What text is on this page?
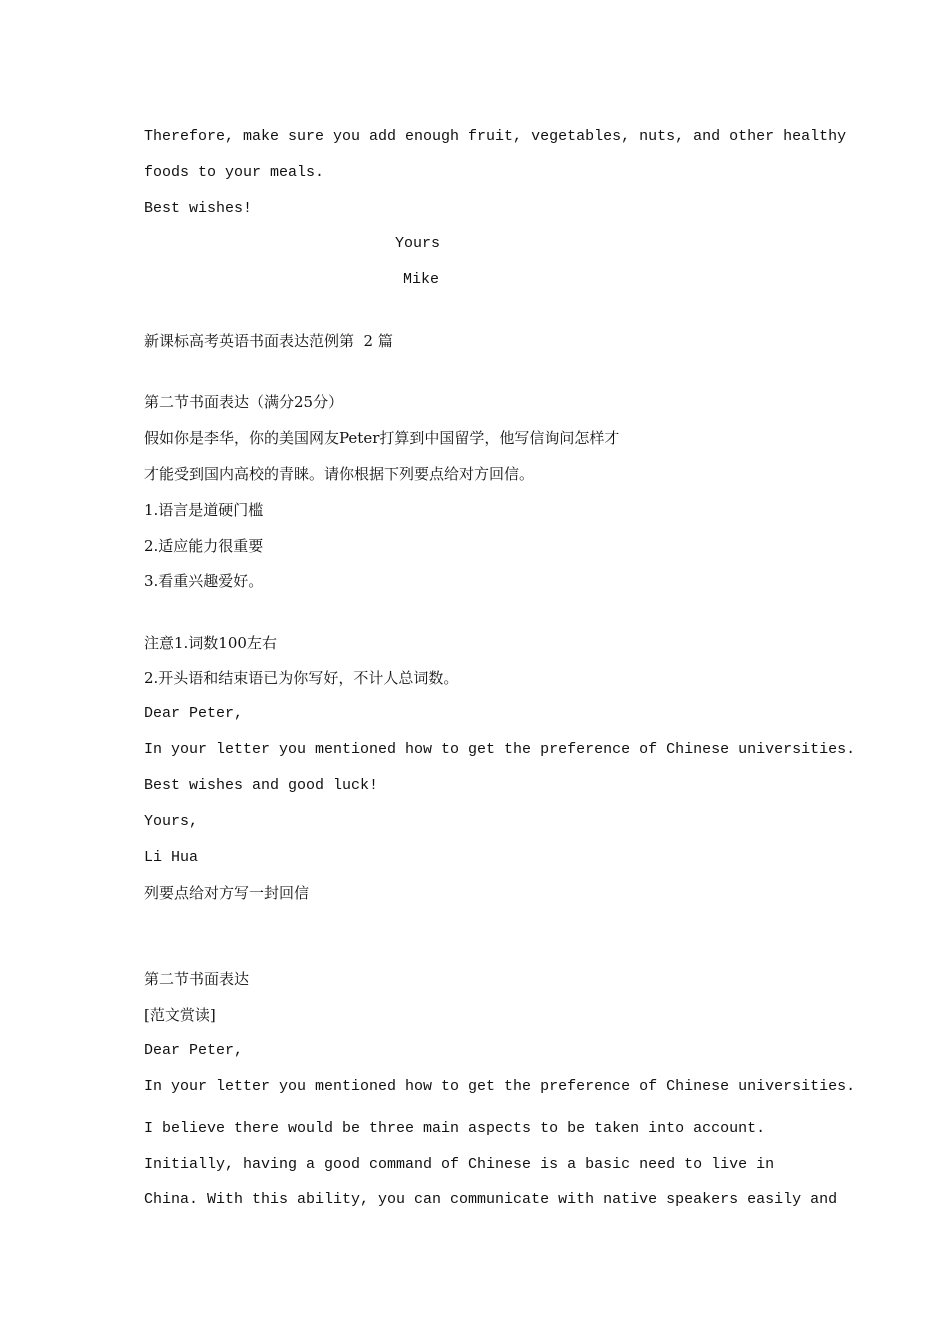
Therefore, make sure you add enough fruit, vegetables, nuts, and other healthy

foods to your meals.

Best wishes!

Yours

Mike

新课标高考英语书面表达范例第  2 篇

第二节书面表达（满分25分）

假如你是李华，你的美国网友Peter打算到中国留学，他写信询问怎样才

才能受到国内高校的青睐。请你根据下列要点给对方回信。

1.语言是道硬门槛

2.适应能力很重要

3.看重兴趣爱好。

注意1.词数100左右

2.开头语和结束语已为你写好，不计人总词数。

Dear Peter,

In your letter you mentioned how to get the preference of Chinese universities.

Best wishes and good luck!

Yours,

Li Hua

列要点给对方写一封回信

第二节书面表达

[范文赏读]

Dear Peter,

In your letter you mentioned how to get the preference of Chinese universities.

I believe there would be three main aspects to be taken into account.

Initially, having a good command of Chinese is a basic need to live in

China. With this ability, you can communicate with native speakers easily and
